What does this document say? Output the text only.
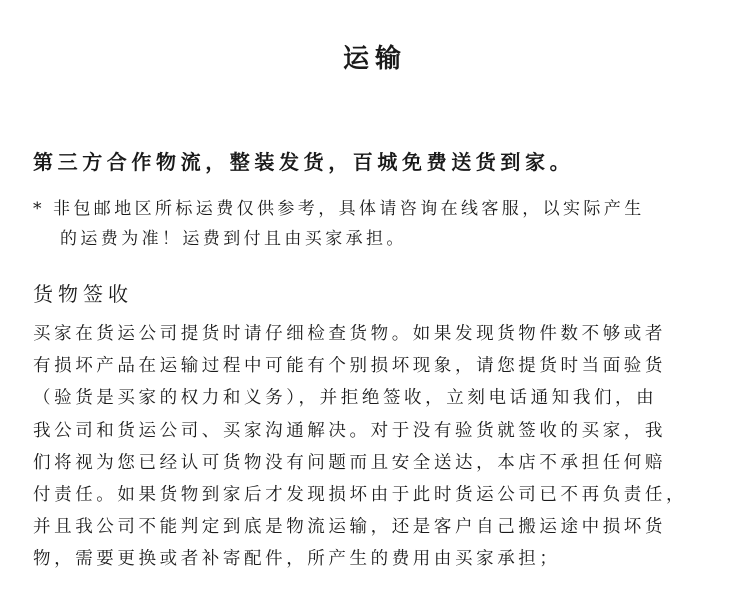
运输
第三方合作物流，整装发货，百城免费送货到家。
* 非包邮地区所标运费仅供参考，具体请咨询在线客服，以实际产生
的运费为准！运费到付且由买家承担。
货物签收
买家在货运公司提货时请仔细检查货物。如果发现货物件数不够或者
有损坏产品在运输过程中可能有个别损坏现象，请您提货时当面验货
（验货是买家的权力和义务），并拒绝签收，立刻电话通知我们，由
我公司和货运公司、买家沟通解决。对于没有验货就签收的买家，我
们将视为您已经认可货物没有问题而且安全送达，本店不承担任何赔
付责任。如果货物到家后才发现损坏由于此时货运公司已不再负责任，
并且我公司不能判定到底是物流运输，还是客户自己搬运途中损坏货
物，需要更换或者补寄配件，所产生的费用由买家承担；
